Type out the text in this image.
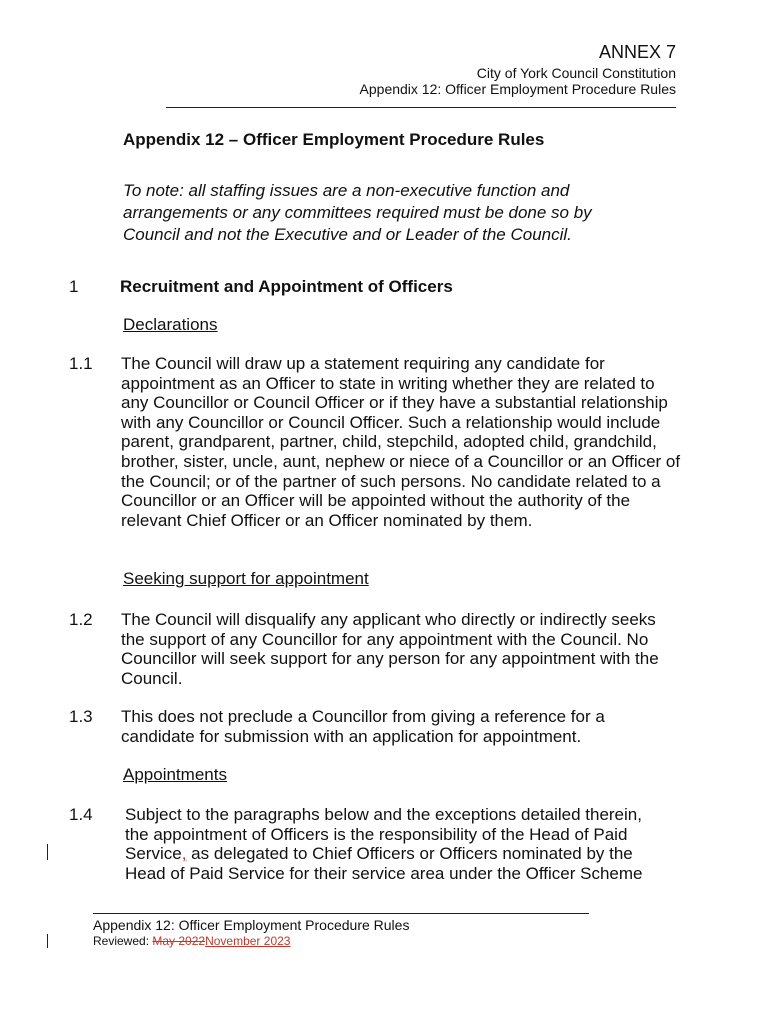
ANNEX 7
City of York Council Constitution
Appendix 12: Officer Employment Procedure Rules
Appendix 12 – Officer Employment Procedure Rules
To note: all staffing issues are a non-executive function and arrangements or any committees required must be done so by Council and not the Executive and or Leader of the Council.
1 Recruitment and Appointment of Officers
Declarations
1.1 The Council will draw up a statement requiring any candidate for appointment as an Officer to state in writing whether they are related to any Councillor or Council Officer or if they have a substantial relationship with any Councillor or Council Officer. Such a relationship would include parent, grandparent, partner, child, stepchild, adopted child, grandchild, brother, sister, uncle, aunt, nephew or niece of a Councillor or an Officer of the Council; or of the partner of such persons. No candidate related to a Councillor or an Officer will be appointed without the authority of the relevant Chief Officer or an Officer nominated by them.
Seeking support for appointment
1.2 The Council will disqualify any applicant who directly or indirectly seeks the support of any Councillor for any appointment with the Council. No Councillor will seek support for any person for any appointment with the Council.
1.3 This does not preclude a Councillor from giving a reference for a candidate for submission with an application for appointment.
Appointments
1.4 Subject to the paragraphs below and the exceptions detailed therein, the appointment of Officers is the responsibility of the Head of Paid Service, as delegated to Chief Officers or Officers nominated by the Head of Paid Service for their service area under the Officer Scheme
Appendix 12: Officer Employment Procedure Rules
Reviewed: May 2022November 2023
